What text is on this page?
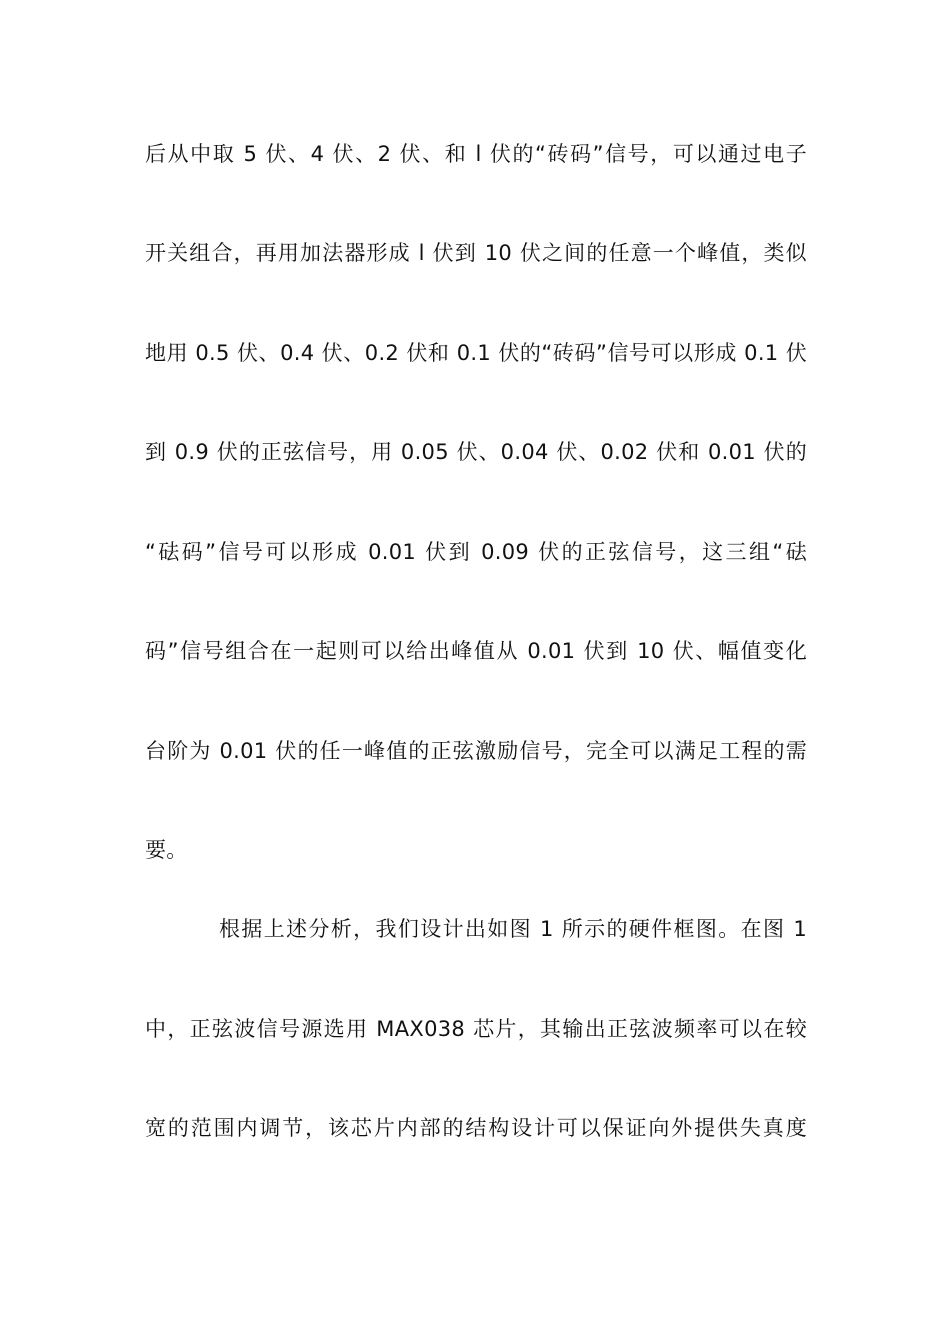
后从中取 5 伏、4 伏、2 伏、和 l 伏的“砖码”信号，可以通过电子
开关组合，再用加法器形成 l 伏到 10 伏之间的任意一个峰值，类似
地用 0.5 伏、0.4 伏、0.2 伏和 0.1 伏的“砖码”信号可以形成 0.1 伏
到 0.9 伏的正弦信号，用 0.05 伏、0.04 伏、0.02 伏和 0.01 伏的
“砝码”信号可以形成 0.01 伏到 0.09 伏的正弦信号，这三组“砝
码”信号组合在一起则可以给出峰值从 0.01 伏到 10 伏、幅值变化
台阶为 0.01 伏的任一峰值的正弦激励信号，完全可以满足工程的需
要。
根据上述分析，我们设计出如图 1 所示的硬件框图。在图 1
中，正弦波信号源选用 MAX038 芯片，其输出正弦波频率可以在较
宽的范围内调节，该芯片内部的结构设计可以保证向外提供失真度
